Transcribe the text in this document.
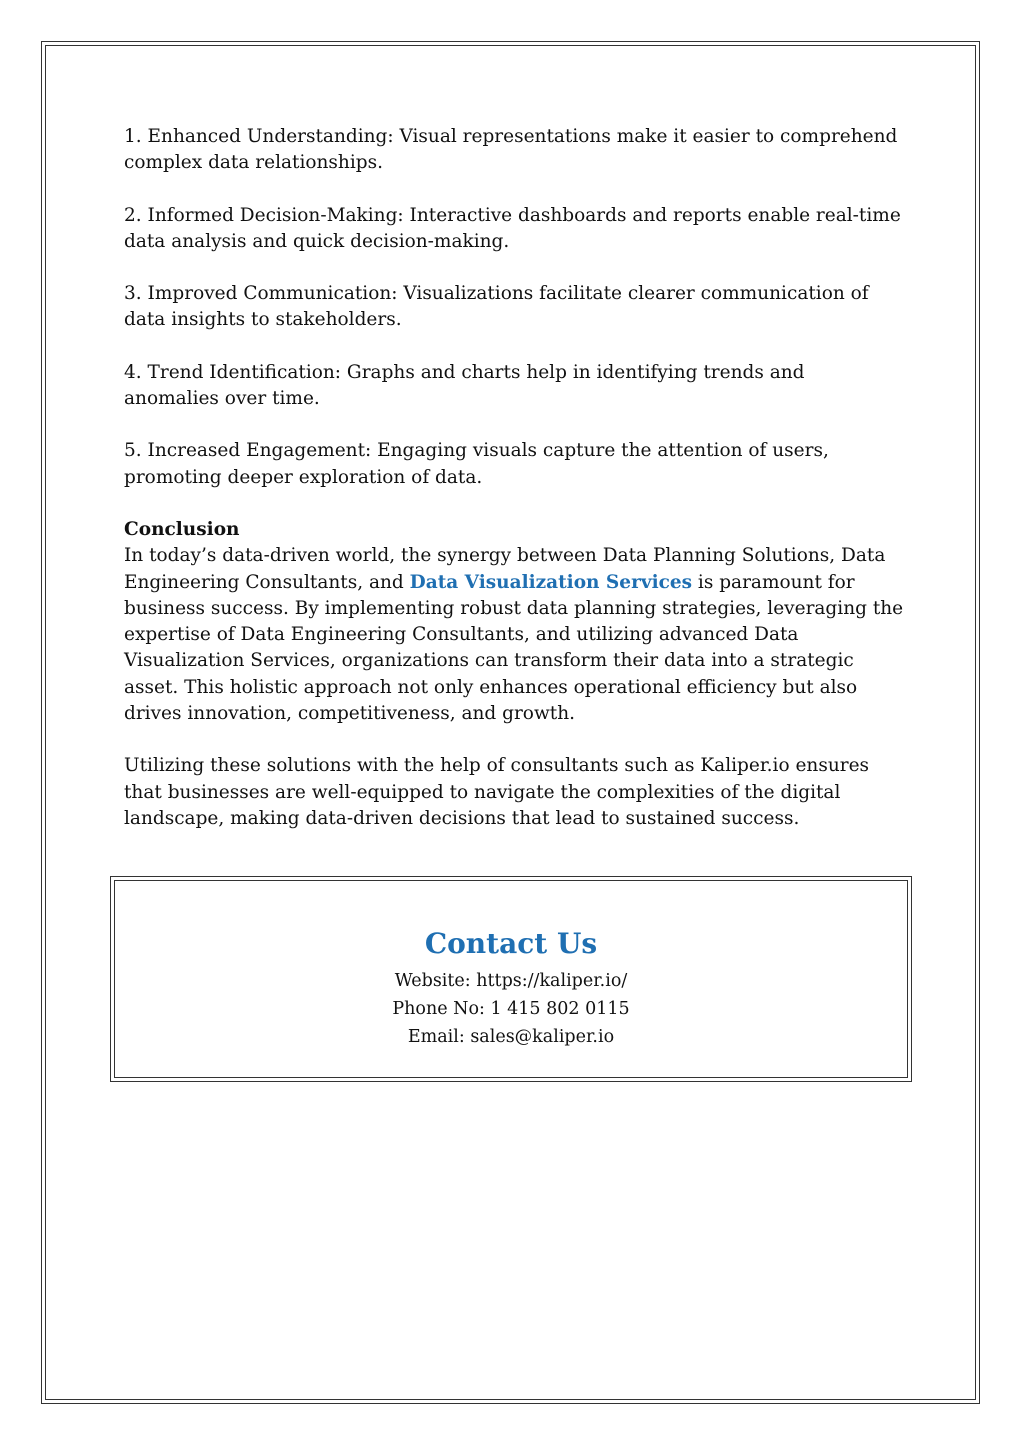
1. Enhanced Understanding: Visual representations make it easier to comprehend complex data relationships.

2. Informed Decision-Making: Interactive dashboards and reports enable real-time data analysis and quick decision-making.

3. Improved Communication: Visualizations facilitate clearer communication of data insights to stakeholders.

4. Trend Identification: Graphs and charts help in identifying trends and anomalies over time.

5. Increased Engagement: Engaging visuals capture the attention of users, promoting deeper exploration of data.

Conclusion

In today’s data-driven world, the synergy between Data Planning Solutions, Data Engineering Consultants, and Data Visualization Services is paramount for business success. By implementing robust data planning strategies, leveraging the expertise of Data Engineering Consultants, and utilizing advanced Data Visualization Services, organizations can transform their data into a strategic asset. This holistic approach not only enhances operational efficiency but also drives innovation, competitiveness, and growth.

Utilizing these solutions with the help of consultants such as Kaliper.io ensures that businesses are well-equipped to navigate the complexities of the digital landscape, making data-driven decisions that lead to sustained success.

Contact Us
Website: https://kaliper.io/
Phone No: 1 415 802 0115
Email: sales@kaliper.io
